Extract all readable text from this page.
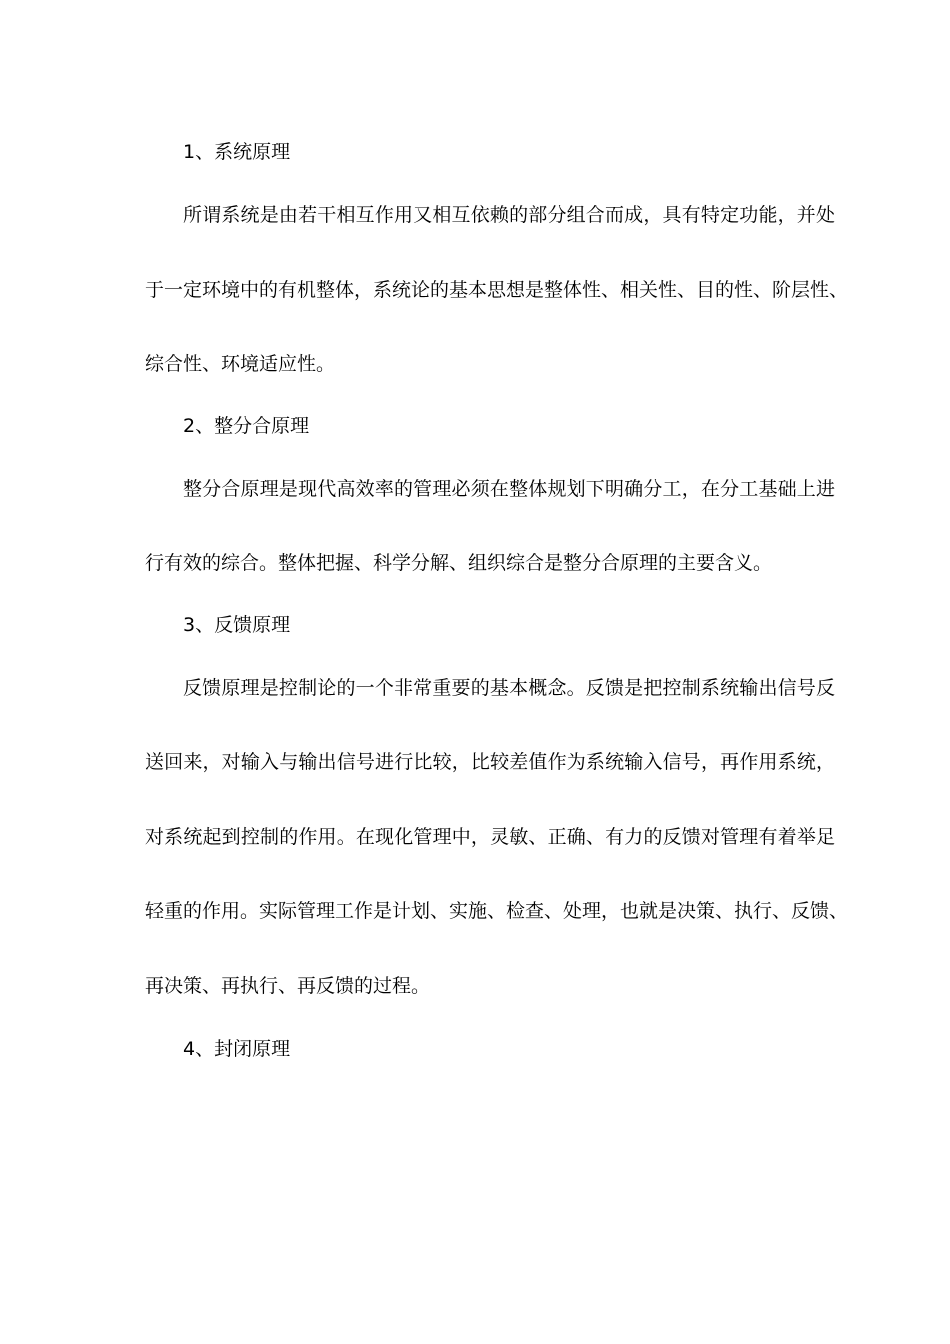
1、系统原理

所谓系统是由若干相互作用又相互依赖的部分组合而成，具有特定功能，并处

于一定环境中的有机整体，系统论的基本思想是整体性、相关性、目的性、阶层性、

综合性、环境适应性。

2、整分合原理

整分合原理是现代高效率的管理必须在整体规划下明确分工，在分工基础上进

行有效的综合。整体把握、科学分解、组织综合是整分合原理的主要含义。

3、反馈原理

反馈原理是控制论的一个非常重要的基本概念。反馈是把控制系统输出信号反

送回来，对输入与输出信号进行比较，比较差值作为系统输入信号，再作用系统，

对系统起到控制的作用。在现化管理中，灵敏、正确、有力的反馈对管理有着举足

轻重的作用。实际管理工作是计划、实施、检查、处理，也就是决策、执行、反馈、

再决策、再执行、再反馈的过程。

4、封闭原理
